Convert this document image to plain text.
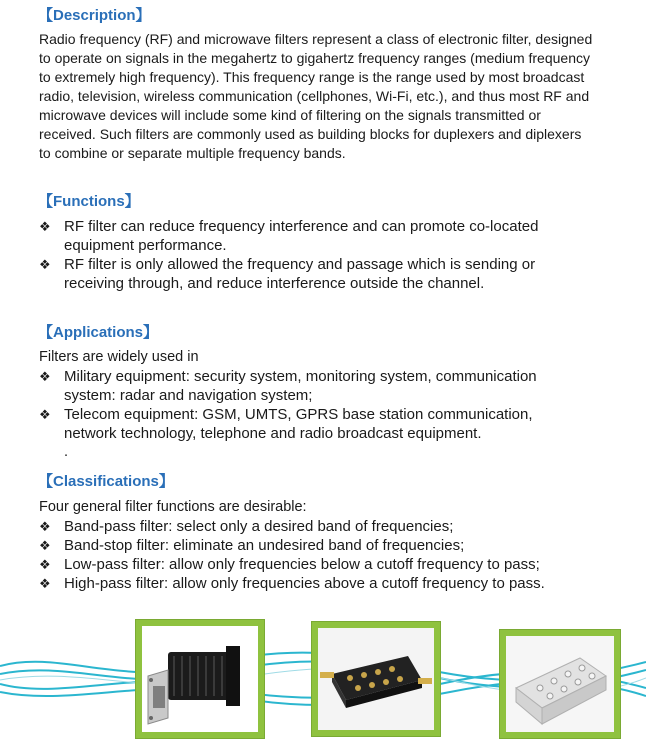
【Description】
Radio frequency (RF) and microwave filters represent a class of electronic filter, designed
to operate on signals in the megahertz to gigahertz frequency ranges (medium frequency
to extremely high frequency). This frequency range is the range used by most broadcast
radio, television, wireless communication (cellphones, Wi-Fi, etc.), and thus most RF and
microwave devices will include some kind of filtering on the signals transmitted or
received. Such filters are commonly used as building blocks for duplexers and diplexers
to combine or separate multiple frequency bands.
【Functions】
❖ RF filter can reduce frequency interference and can promote co-located
equipment performance.
❖ RF filter is only allowed the frequency and passage which is sending or
receiving through, and reduce interference outside the channel.
【Applications】
Filters are widely used in
❖ Military equipment: security system, monitoring system, communication
system: radar and navigation system;
❖ Telecom equipment: GSM, UMTS, GPRS base station communication,
network technology, telephone and radio broadcast equipment.
.
【Classifications】
Four general filter functions are desirable:
❖ Band-pass filter: select only a desired band of frequencies;
❖ Band-stop filter: eliminate an undesired band of frequencies;
❖ Low-pass filter: allow only frequencies below a cutoff frequency to pass;
❖ High-pass filter: allow only frequencies above a cutoff frequency to pass.
